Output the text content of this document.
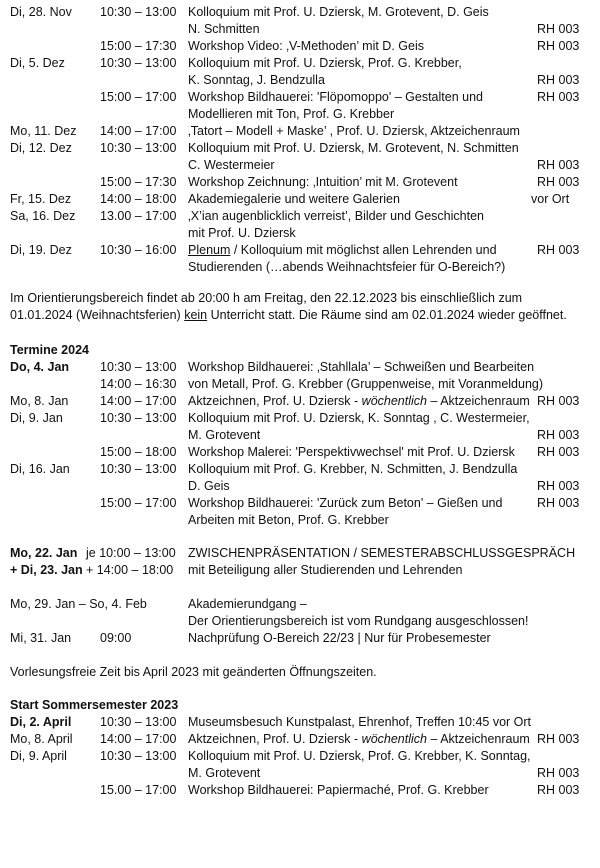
Di, 28. Nov 10:30 – 13:00 Kolloquium mit Prof. U. Dziersk, M. Grotevent, D. Geis
N. Schmitten	RH 003
15:00 – 17:30 Workshop Video: ‚V-Methoden’ mit D. Geis	RH 003
Di, 5. Dez	10:30 – 13:00 Kolloquium mit Prof. U. Dziersk, Prof. G. Krebber,
K. Sonntag, J. Bendzulla	RH 003
15:00 – 17:00 Workshop Bildhauerei: 'Flöpomoppo' – Gestalten und	RH 003
Modellieren mit Ton, Prof. G. Krebber
Mo, 11. Dez 14:00 – 17:00 ‚Tatort – Modell + Maske’ , Prof. U. Dziersk, Aktzeichenraum
Di, 12. Dez 10:30 – 13:00 Kolloquium mit Prof. U. Dziersk, M. Grotevent, N. Schmitten
C. Westermeier	RH 003
15:00 – 17:30 Workshop Zeichnung: ‚Intuition’ mit M. Grotevent	RH 003
Fr, 15. Dez 14:00 – 18:00 Akademiegalerie und weitere Galerien	vor Ort
Sa, 16. Dez 13.00 – 17:00 ‚X’ian augenblicklich verreist’, Bilder und Geschichten
mit Prof. U. Dziersk
Di, 19. Dez 10:30 – 16:00 Plenum / Kolloquium mit möglichst allen Lehrenden und	RH 003
Studierenden (…abends Weihnachtsfeier für O-Bereich?)
Im Orientierungsbereich findet ab 20:00 h am Freitag, den 22.12.2023 bis einschließlich zum
01.01.2024 (Weihnachtsferien) kein Unterricht statt. Die Räume sind am 02.01.2024 wieder geöffnet.
Termine 2024
Do, 4. Jan 10:30 – 13:00 Workshop Bildhauerei: ‚Stahllala’ – Schweißen und Bearbeiten
14:00 – 16:30 von Metall, Prof. G. Krebber (Gruppenweise, mit Voranmeldung)
Mo, 8. Jan	14:00 – 17:00 Aktzeichnen, Prof. U. Dziersk - wöchentlich – Aktzeichenraum RH 003
Di, 9. Jan	10:30 – 13:00 Kolloquium mit Prof. U. Dziersk, K. Sonntag , C. Westermeier,
M. Grotevent	RH 003
15:00 – 18:00 Workshop Malerei: 'Perspektivwechsel' mit Prof. U. Dziersk RH 003
Di, 16. Jan 10:30 – 13:00 Kolloquium mit Prof. G. Krebber, N. Schmitten, J. Bendzulla
D. Geis	RH 003
15:00 – 17:00 Workshop Bildhauerei: 'Zurück zum Beton' – Gießen und	RH 003
Arbeiten mit Beton, Prof. G. Krebber
Mo, 22. Jan je 10:00 – 13:00 ZWISCHENPRÄSENTATION / SEMESTERABSCHLUSSGESPRÄCH
+ Di, 23. Jan + 14:00 – 18:00 mit Beteiligung aller Studierenden und Lehrenden
Mo, 29. Jan – So, 4. Feb	Akademierundgang –
Der Orientierungsbereich ist vom Rundgang ausgeschlossen!
Mi, 31. Jan 09:00	Nachprüfung O-Bereich 22/23 | Nur für Probesemester
Vorlesungsfreie Zeit bis April 2023 mit geänderten Öffnungszeiten.
Start Sommersemester 2023
Di, 2. April 10:30 – 13:00 Museumsbesuch Kunstpalast, Ehrenhof, Treffen 10:45 vor Ort
Mo, 8. April 14:00 – 17:00 Aktzeichnen, Prof. U. Dziersk - wöchentlich – Aktzeichenraum RH 003
Di, 9. April	10:30 – 13:00 Kolloquium mit Prof. U. Dziersk, Prof. G. Krebber, K. Sonntag,
M. Grotevent	RH 003
15.00 – 17:00 Workshop Bildhauerei: Papiermaché, Prof. G. Krebber	RH 003
